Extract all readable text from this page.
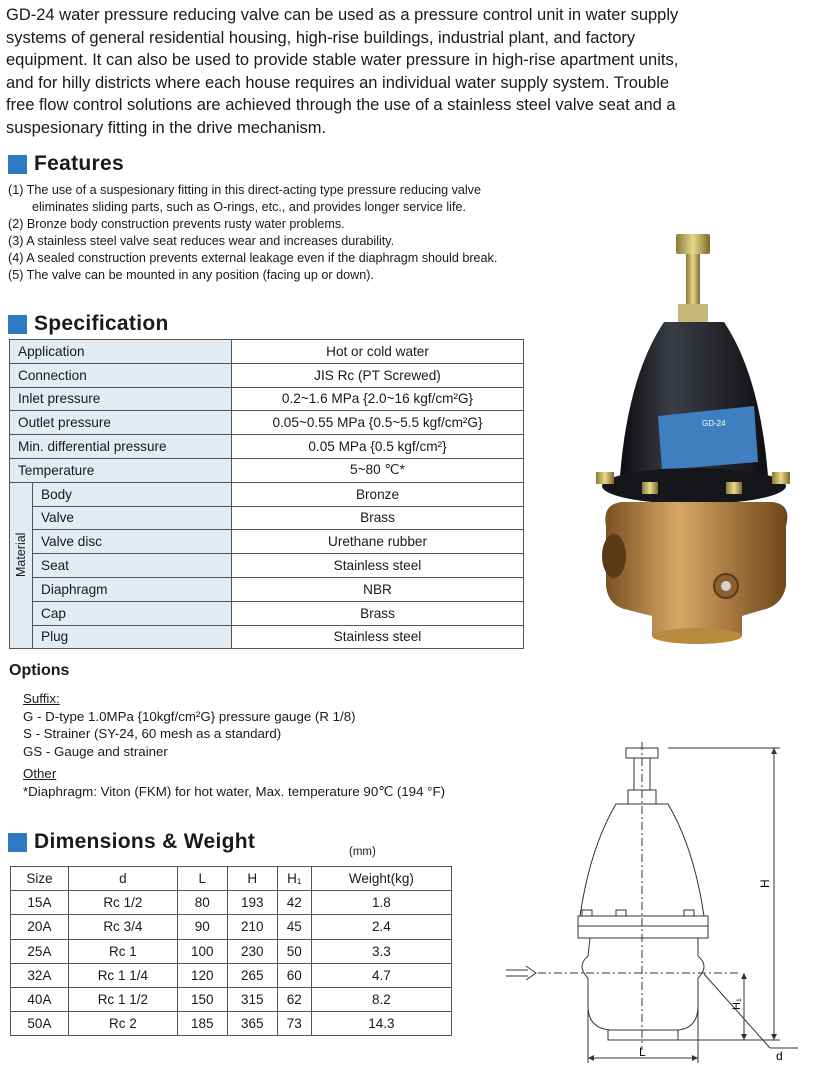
GD-24 water pressure reducing valve can be used as a pressure control unit in water supply
systems of general residential housing, high-rise buildings, industrial plant, and factory
equipment. It can also be used to provide stable water pressure in high-rise apartment units,
and for hilly districts where each house requires an individual water supply system. Trouble
free flow control solutions are achieved through the use of a stainless steel valve seat and a
suspesionary fitting in the drive mechanism.
Features
(1) The use of a suspesionary fitting in this direct-acting type pressure reducing valve
eliminates sliding parts, such as O-rings, etc., and provides longer service life.
(2) Bronze body construction prevents rusty water problems.
(3) A stainless steel valve seat reduces wear and increases durability.
(4) A sealed construction prevents external leakage even if the diaphragm should break.
(5) The valve can be mounted in any position (facing up or down).
Specification
Application		Hot or cold water
Connection		JIS Rc (PT Screwed)
Inlet pressure		0.2~1.6 MPa {2.0~16 kgf/cm²G}
Outlet pressure		0.05~0.55 MPa {0.5~5.5 kgf/cm²G}
Min. differential pressure		0.05 MPa {0.5 kgf/cm²}
Temperature		5~80 ℃*

Material	Body	Bronze
	Valve	Brass
	Valve disc	Urethane rubber
	Seat	Stainless steel
	Diaphragm	NBR
	Cap	Brass
	Plug	Stainless steel
Options
Suffix:
G - D-type 1.0MPa {10kgf/cm²G} pressure gauge (R 1/8)
S - Strainer (SY-24, 60 mesh as a standard)
GS - Gauge and strainer
Other
*Diaphragm: Viton (FKM) for hot water, Max. temperature 90℃ (194 °F)
Dimensions & Weight	(mm)
Size	d	L	H	H₁	Weight(kg)
15A	Rc 1/2	80	193	42	1.8
20A	Rc 3/4	90	210	45	2.4
25A	Rc 1	100	230	50	3.3
32A	Rc 1 1/4	120	265	60	4.7
40A	Rc 1 1/2	150	315	62	8.2
50A	Rc 2	185	365	73	14.3
GD-24
H
H₁
L	d
